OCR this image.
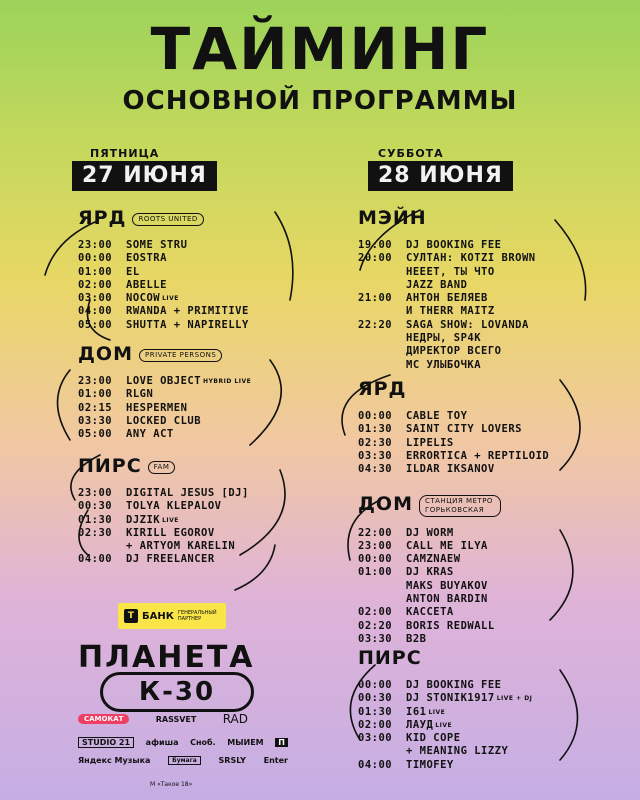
ТАЙМИНГ
ОСНОВНОЙ ПРОГРАММЫ
ПЯТНИЦА
27 ИЮНЯ
ЯРД ROOTS UNITED
23:00	SOME STRU
00:00	EOSTRA
01:00	EL
02:00	ABELLE
03:00	NOCOW LIVE
04:00	RWANDA + PRIMITIVE
05:00	SHUTTA + NAPIRELLY
ДОМ PRIVATE PERSONS
23:00	LOVE OBJECT HYBRID LIVE
01:00	RLGN
02:15	HESPERMEN
03:30	LOCKED CLUB
05:00	ANY ACT
ПИРС FAM
23:00	DIGITAL JESUS [DJ]
00:30	TOLYA KLEPALOV
01:30	DJZIK LIVE
02:30	KIRILL EGOROV
+ ARTYOM KARELIN
04:00	DJ FREELANCER
СУББОТА
28 ИЮНЯ
МЭЙН
19:00	DJ BOOKING FEE
20:00	СУЛТАН: KOTZI BROWN
НЕЕЕТ, ТЫ ЧТО
JAZZ BAND
21:00	АНТОН БЕЛЯЕВ
И THERR MAITZ
22:20	SAGA SHOW: LOVANDA
НЕДРЫ, SP4K
ДИРЕКТОР ВСЕГО
МС УЛЫБОЧКА
ЯРД
00:00	CABLE TOY
01:30	SAINT CITY LOVERS
02:30	LIPELIS
03:30	ERRORTICA + REPTILOID
04:30	ILDAR IKSANOV
ДОМ СТАНЦИЯ МЕТРО ГОРЬКОВСКАЯ
22:00	DJ WORM
23:00	CALL ME ILYA
00:00	CAMZNAEW
01:00	DJ KRAS
MAKS BUYAKOV
ANTON BARDIN
02:00	КАССЕТА
02:20	BORIS REDWALL
03:30	B2B
ПИРС
00:00	DJ BOOKING FEE
00:30	DJ STONIK1917 LIVE + DJ
01:30	I61 LIVE
02:00	ЛАУД LIVE
03:00	KID COPE
+ MEANING LIZZY
04:00	TIMOFEY
T БАНК ГЕНЕРАЛЬНЫЙ ПАРТНЕР
ПЛАНЕТА
К-30
САМОКАТ	RASSVET RAD
STUDIO 21	афиша Сноб. МЫИЕМ	П
Яндекс Музыка	Бумага	SRSLY Enter
М «Такое 18»
